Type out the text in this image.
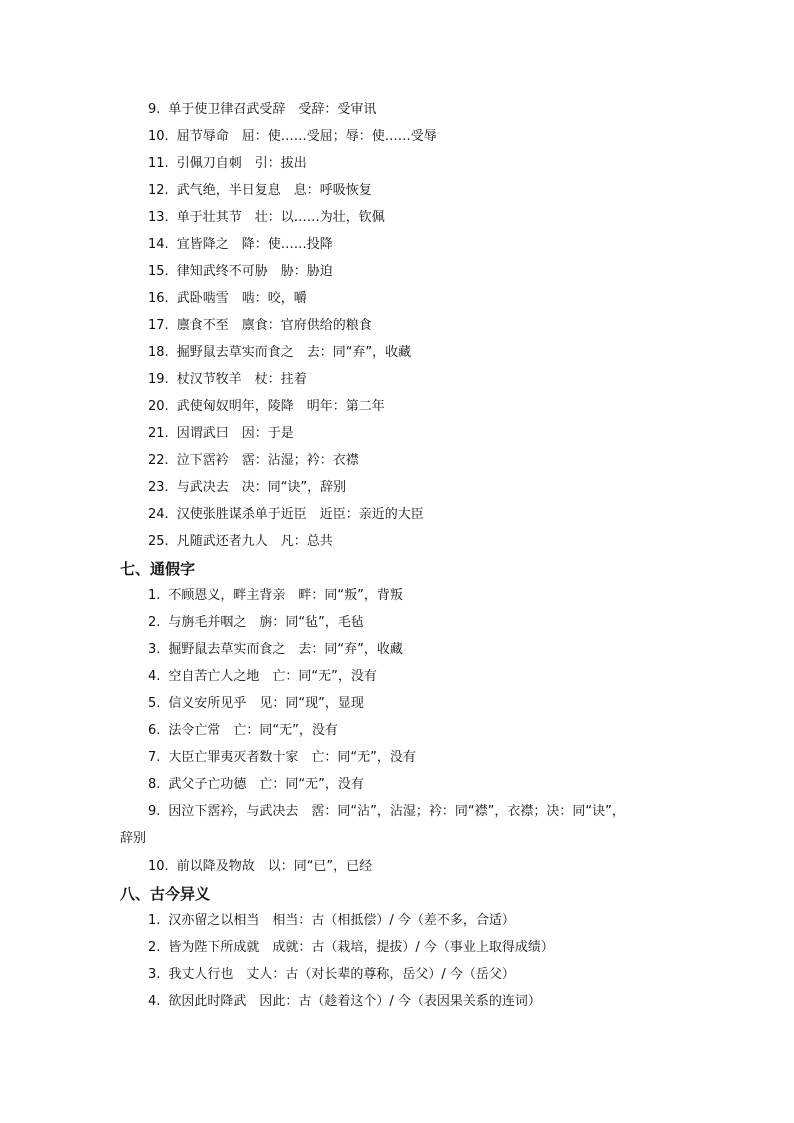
9. 单于使卫律召武受辞　受辞：受审讯
10. 屈节辱命　屈：使……受屈；辱：使……受辱
11. 引佩刀自刺　引：拔出
12. 武气绝，半日复息　息：呼吸恢复
13. 单于壮其节　壮：以……为壮，钦佩
14. 宜皆降之　降：使……投降
15. 律知武终不可胁　胁：胁迫
16. 武卧啮雪　啮：咬，嚼
17. 廪食不至　廪食：官府供给的粮食
18. 掘野鼠去草实而食之　去：同“弃”，收藏
19. 杖汉节牧羊　杖：拄着
20. 武使匈奴明年，陵降　明年：第二年
21. 因谓武曰　因：于是
22. 泣下霑衿　霑：沾湿；衿：衣襟
23. 与武决去　决：同“诀”，辞别
24. 汉使张胜谋杀单于近臣　近臣：亲近的大臣
25. 凡随武还者九人　凡：总共
七、通假字
1. 不顾恩义，畔主背亲　畔：同“叛”，背叛
2. 与旃毛并咽之　旃：同“毡”，毛毡
3. 掘野鼠去草实而食之　去：同“弃”，收藏
4. 空自苦亡人之地　亡：同“无”，没有
5. 信义安所见乎　见：同“现”，显现
6. 法令亡常　亡：同“无”，没有
7. 大臣亡罪夷灭者数十家　亡：同“无”，没有
8. 武父子亡功德　亡：同“无”，没有
9. 因泣下霑衿，与武决去　霑：同“沾”，沾湿；衿：同“襟”，衣襟；决：同“诀”，
辞别
10. 前以降及物故　以：同“已”，已经
八、古今异义
1. 汉亦留之以相当　相当：古（相抵偿）/ 今（差不多，合适）
2. 皆为陛下所成就　成就：古（栽培，提拔）/ 今（事业上取得成绩）
3. 我丈人行也　丈人：古（对长辈的尊称，岳父）/ 今（岳父）
4. 欲因此时降武　因此：古（趁着这个）/ 今（表因果关系的连词）
